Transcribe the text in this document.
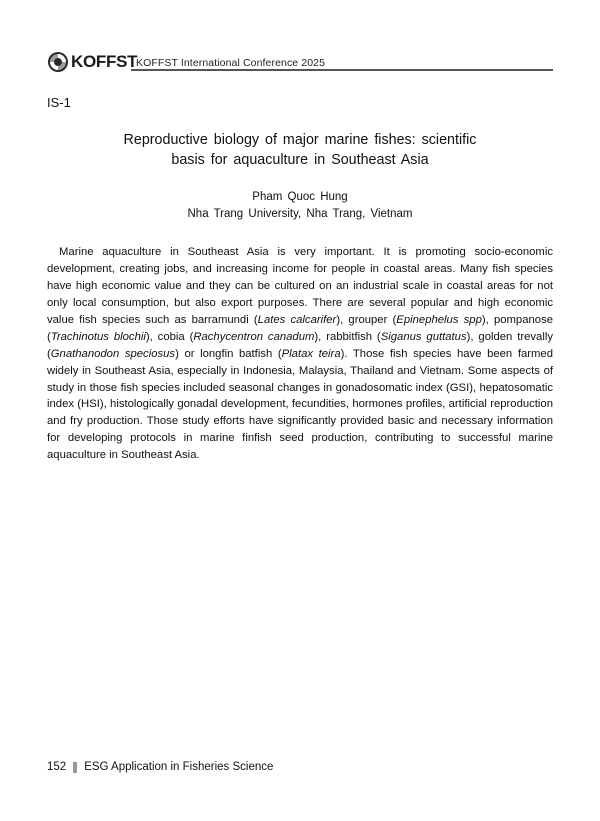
KOFFST
KOFFST International Conference 2025
IS-1
Reproductive biology of major marine fishes: scientific
basis for aquaculture in Southeast Asia
Pham Quoc Hung
Nha Trang University, Nha Trang, Vietnam

Marine aquaculture in Southeast Asia is very important. It is promoting socio-economic development, creating jobs, and increasing income for people in coastal areas. Many fish species have high economic value and they can be cultured on an industrial scale in coastal areas for not only local consumption, but also export purposes. There are several popular and high economic value fish species such as barramundi (Lates calcarifer), grouper (Epinephelus spp), pompanose (Trachinotus blochii), cobia (Rachycentron canadum), rabbitfish (Siganus guttatus), golden trevally (Gnathanodon speciosus) or longfin batfish (Platax teira). Those fish species have been farmed widely in Southeast Asia, especially in Indonesia, Malaysia, Thailand and Vietnam. Some aspects of study in those fish species included seasonal changes in gonadosomatic index (GSI), hepatosomatic index (HSI), histologically gonadal development, fecundities, hormones profiles, artificial reproduction and fry production. Those study efforts have significantly provided basic and necessary information for developing protocols in marine finfish seed production, contributing to successful marine aquaculture in Southeast Asia.

152 ESG Application in Fisheries Science
